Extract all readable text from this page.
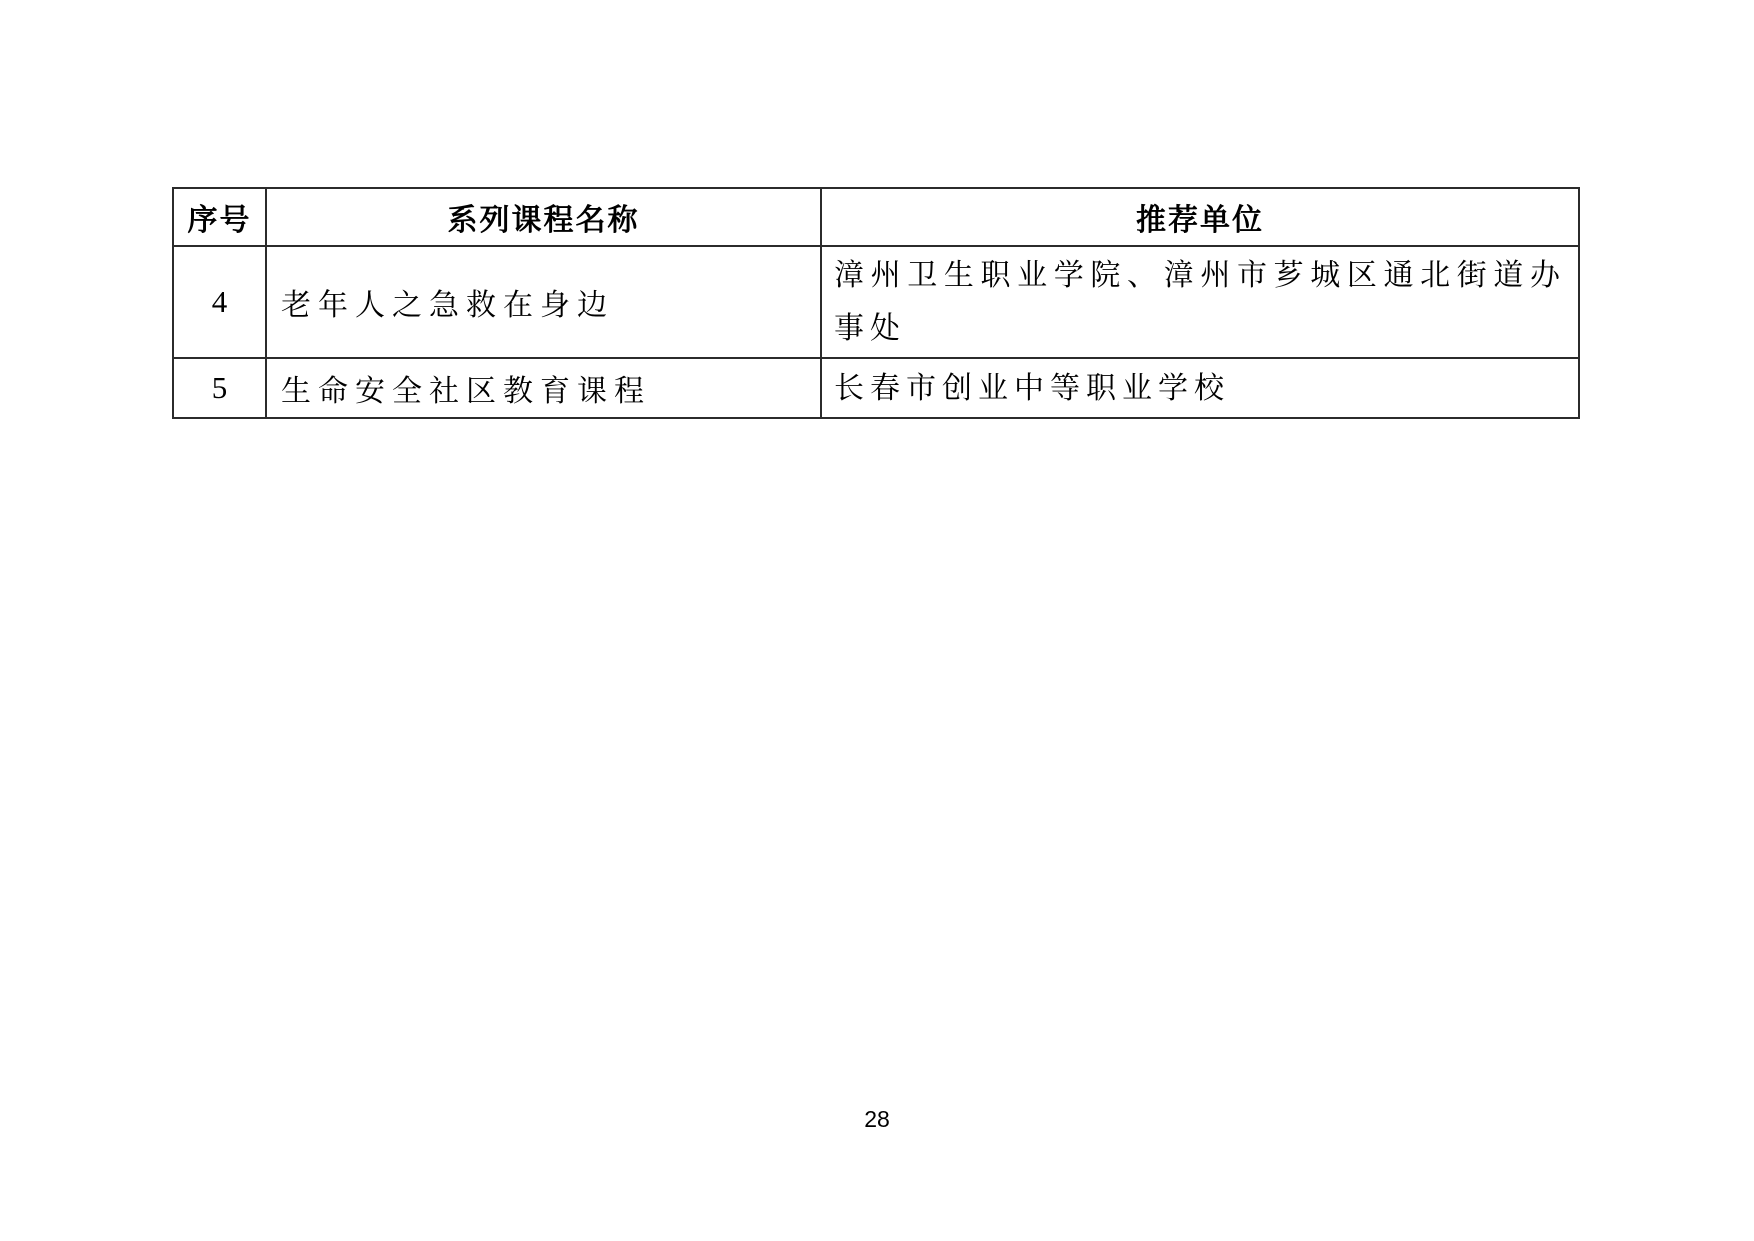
序号	系列课程名称	推荐单位
4	老年人之急救在身边	漳州卫生职业学院、漳州市芗城区通北街道办事处
5	生命安全社区教育课程	长春市创业中等职业学校
28
